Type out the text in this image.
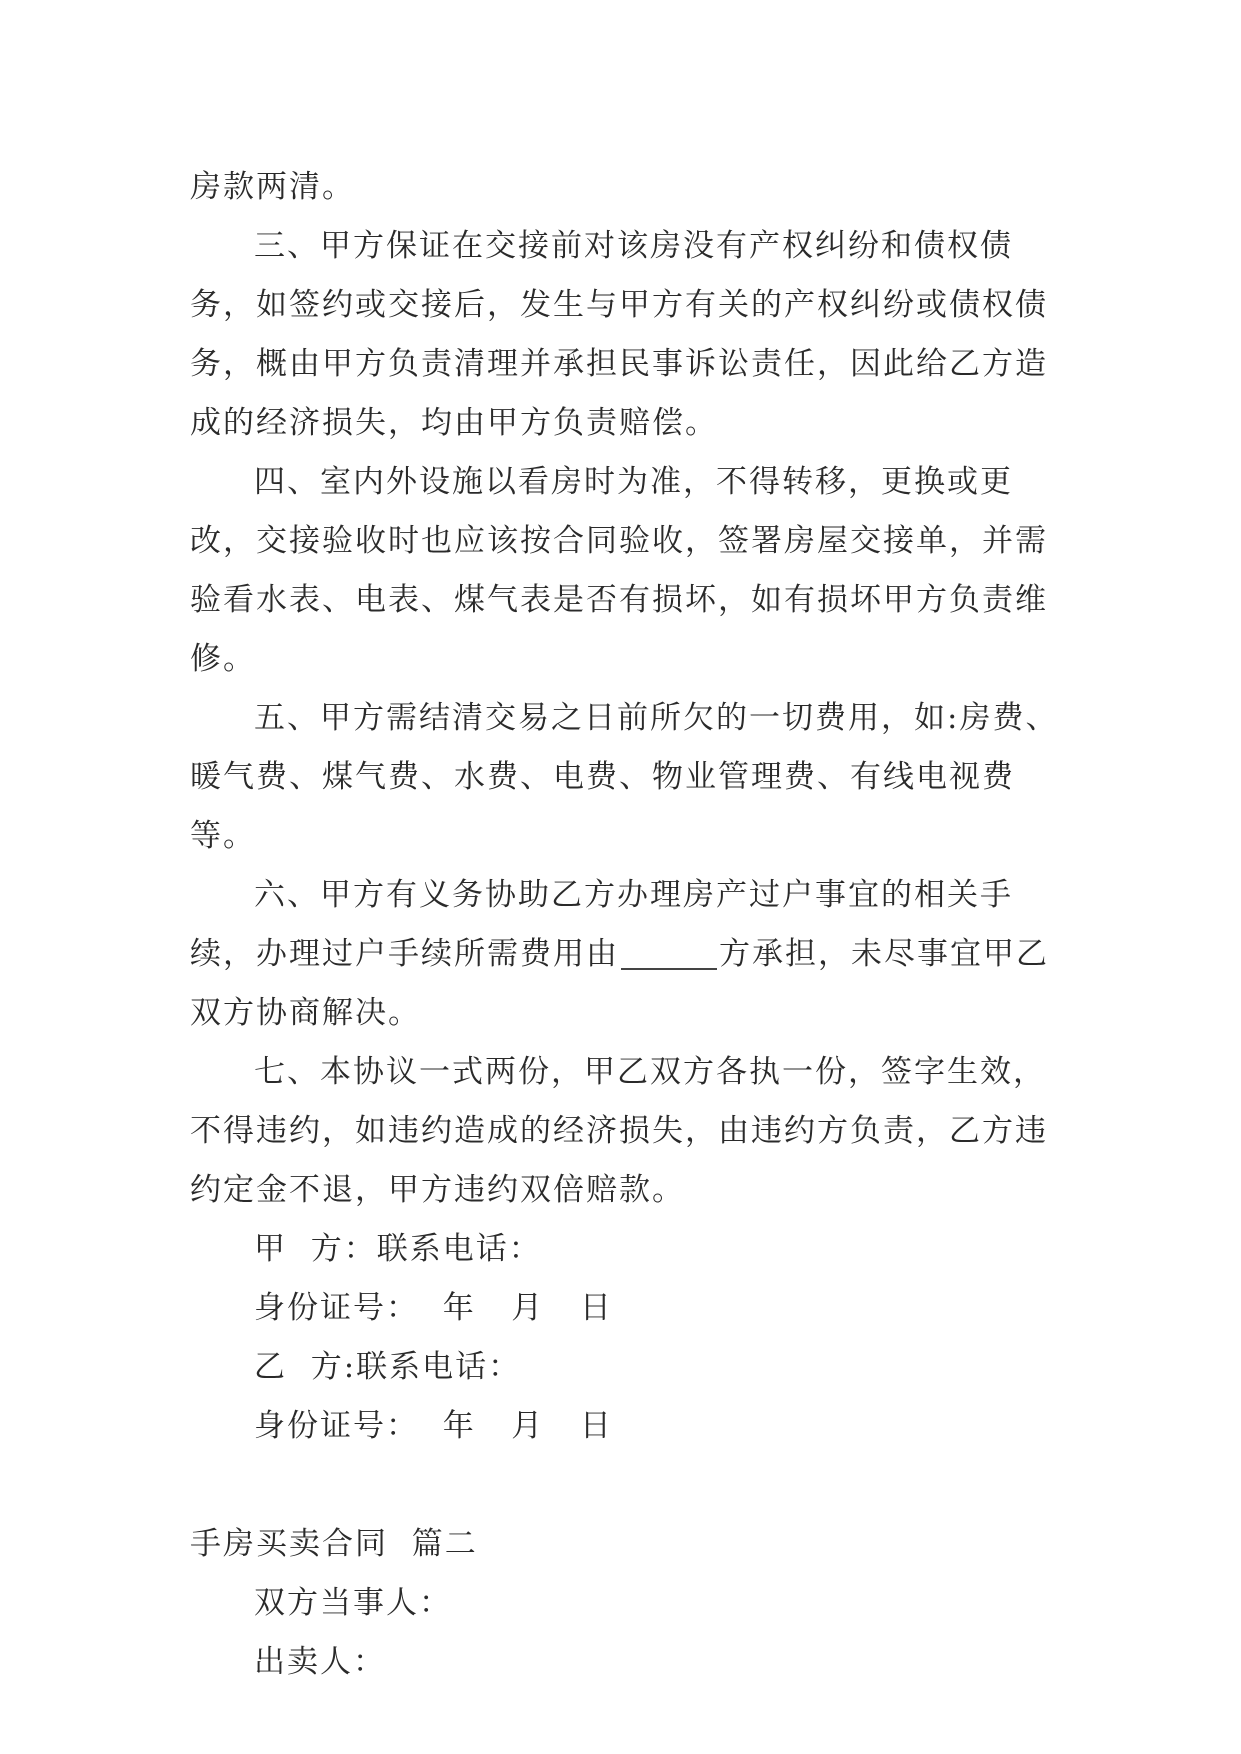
房款两清。

三、甲方保证在交接前对该房没有产权纠纷和债权债务，如签约或交接后，发生与甲方有关的产权纠纷或债权债务，概由甲方负责清理并承担民事诉讼责任，因此给乙方造成的经济损失，均由甲方负责赔偿。

四、室内外设施以看房时为准，不得转移，更换或更改，交接验收时也应该按合同验收，签署房屋交接单，并需验看水表、电表、煤气表是否有损坏，如有损坏甲方负责维修。

五、甲方需结清交易之日前所欠的一切费用，如:房费、暖气费、煤气费、水费、电费、物业管理费、有线电视费等。

六、甲方有义务协助乙方办理房产过户事宜的相关手续，办理过户手续所需费用由	方承担，未尽事宜甲乙双方协商解决。

七、本协议一式两份，甲乙双方各执一份，签字生效，不得违约，如违约造成的经济损失，由违约方负责，乙方违约定金不退，甲方违约双倍赔款。

甲  方：联系电话：

身份证号：  年   月   日

乙  方:联系电话：

身份证号：  年   月   日

手房买卖合同  篇二

双方当事人：

出卖人：
